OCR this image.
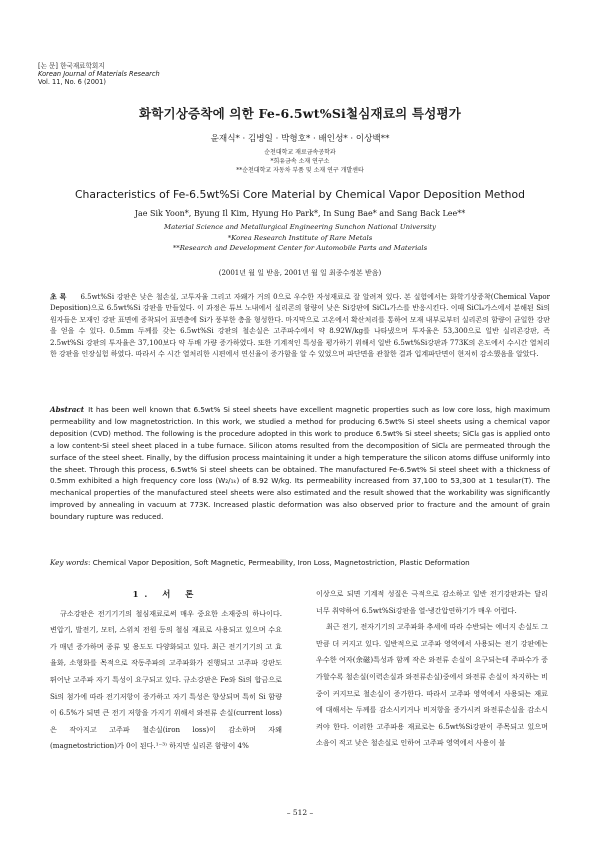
[논 문] 한국재료학회지
Korean Journal of Materials Research
Vol. 11, No. 6 (2001)
화학기상증착에 의한 Fe-6.5wt%Si철심재료의 특성평가
윤재식* · 김병일 · 박형호* · 배인성* · 이상백**
순천대학교 재료금속공학과
*희유금속 소재 연구소
**순천대학교 자동차 부품 및 소재 연구 개발센타
Characteristics of Fe-6.5wt%Si Core Material by Chemical Vapor Deposition Method
Jae Sik Yoon*, Byung Il Kim, Hyung Ho Park*, In Sung Bae* and Sang Back Lee**
Material Science and Metallurgical Engineering Sunchon National University
*Korea Research Institute of Rare Metals
**Research and Development Center for Automobile Parts and Materials
(2001년 월 일 받음, 2001년 월 일 최종수정본 받음)
초 록 6.5wt%Si 강판은 낮은 철손실, 고투자율 그리고 자왜가 거의 0으로 우수한 자성재료로 잘 알려져 있다. 본 실험에서는 화학기상증착(Chemical Vapor Deposition)으로 6.5wt%Si 강판을 만들었다. 이 과정은 튜브 노내에서 실리콘의 함량이 낮은 Si강판에 SiCl₄가스를 반응시킨다. 이때 SiCl₄가스에서 분해된 Si의 원자들은 모재인 강판 표면에 증착되어 표면층에 Si가 풍부한 층을 형성한다. 마지막으로 고온에서 확산처리를 통하여 모재 내부로부터 실리콘의 함량이 균일한 강판을 얻을 수 있다. 0.5mm 두께를 갖는 6.5wt%Si 강판의 철손실은 고주파수에서 약 8.92W/kg를 나타냈으며 투자율은 53,300으로 일반 실리콘강판, 즉 2.5wt%Si 강판의 투자율은 37,100보다 약 두배 가량 증가하였다. 또한 기계적인 특성을 평가하기 위해서 일반 6.5wt%Si강판과 773K의 온도에서 수시간 열처리한 강판을 인장실험 하였다. 따라서 수 시간 열처리한 시편에서 연신율이 증가함을 알 수 있었으며 파단면을 관찰한 결과 입계파단면이 현저히 감소했음을 알았다.
Abstract It has been well known that 6.5wt% Si steel sheets have excellent magnetic properties such as low core loss, high maximum permeability and low magnetostriction. In this work, we studied a method for producing 6.5wt% Si steel sheets using a chemical vapor deposition (CVD) method. The following is the procedure adopted in this work to produce 6.5wt% Si steel sheets; SiCl₄ gas is applied onto a low content-Si steel sheet placed in a tube furnace. Silicon atoms resulted from the decomposition of SiCl₄ are permeated through the surface of the steel sheet. Finally, by the diffusion process maintaining it under a high temperature the silicon atoms diffuse uniformly into the sheet. Through this process, 6.5wt% Si steel sheets can be obtained. The manufactured Fe-6.5wt% Si steel sheet with a thickness of 0.5mm exhibited a high frequency core loss (W₂/₁ₖ) of 8.92 W/kg. Its permeability increased from 37,100 to 53,300 at 1 tesular(T). The mechanical properties of the manufactured steel sheets were also estimated and the result showed that the workability was significantly improved by annealing in vacuum at 773K. Increased plastic deformation was also observed prior to fracture and the amount of grain boundary rupture was reduced.
Key words: Chemical Vapor Deposition, Soft Magnetic, Permeability, Iron Loss, Magnetostriction, Plastic Deformation
1. 서 론

규소강판은 전기기기의 철심재료로써 매우 중요한 소재중의 하나이다. 변압기, 발전기, 모터, 스위치 전원 등의 철심 재료로 사용되고 있으며 수요가 매년 증가하며 종류 및 용도도 다양화되고 있다. 최근 전기기기의 고 효율화, 소형화를 목적으로 작동주파의 고주파화가 진행되고 고주파 강판도 뛰어난 고주파 자기 특성이 요구되고 있다. 규소강판은 Fe와 Si의 합금으로 Si의 첨가에 따라 전기저항이 증가하고 자기 특성은 향상되며 특히 Si 함량이 6.5%가 되면 큰 전기 저항을 가지기 위해서 와전류 손실(current loss)은 작아지고 고주파 철손실(iron loss)이 감소하며 자왜(magnetostriction)가 0이 된다.¹⁻³⁾ 하지만 실리콘 함량이 4%

이상으로 되면 기계적 성질은 극적으로 감소하고 일반 전기강판과는 달리 너무 취약하여 6.5wt%Si강판을 열-냉간압연하기가 매우 어렵다.

최근 전기, 전자기기의 고주파화 추세에 따라 수반되는 에너지 손실도 그만큼 더 커지고 있다. 일반적으로 고주파 영역에서 사용되는 전기 강판에는 우수한 여자(余磁)특성과 함께 작은 와전류 손실이 요구되는데 주파수가 증가할수록 철손실(이력손실과 와전류손실)중에서 와전류 손실이 차지하는 비중이 커지므로 철손실이 증가한다. 따라서 고주파 영역에서 사용되는 재료에 대해서는 두께를 감소시키거나 비저항을 증가시켜 와전류손실을 감소시켜야 한다. 이러한 고주파용 재료로는 6.5wt%Si강판이 주목되고 있으며 소음이 적고 낮은 철손실로 인하여 고주파 영역에서 사용이 불

– 512 –
